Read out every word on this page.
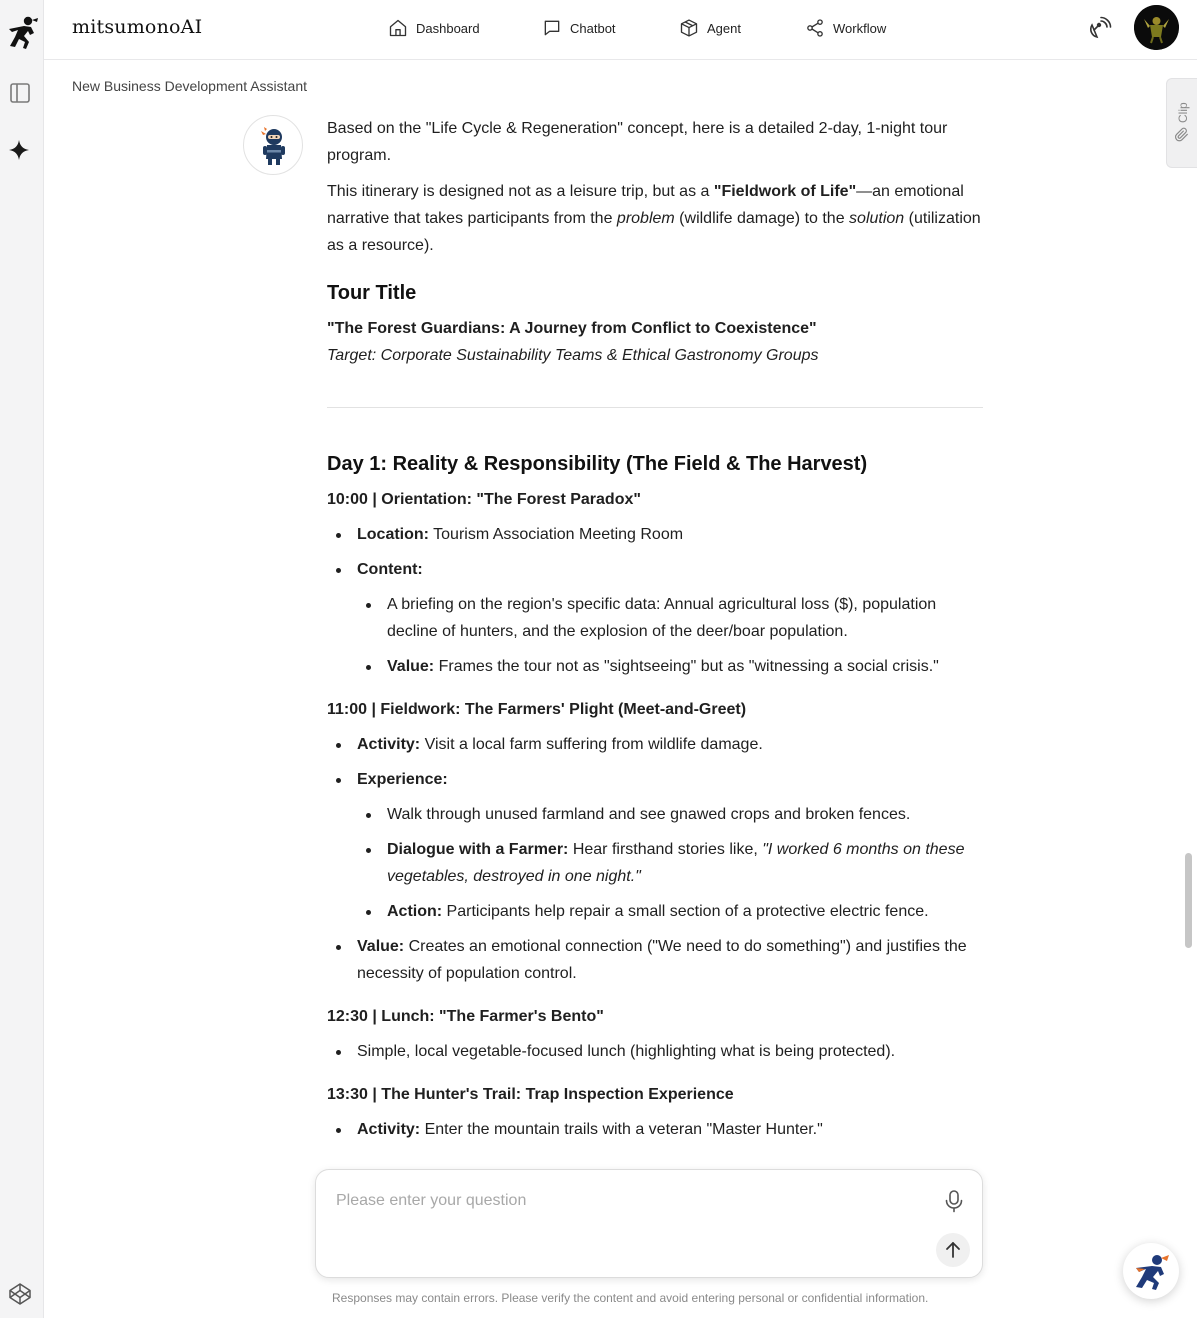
mitsumonoAI	Dashboard	Chatbot	Agent	Workflow
New Business Development Assistant
Clip

Based on the "Life Cycle & Regeneration" concept, here is a detailed 2-day, 1-night tour program.

This itinerary is designed not as a leisure trip, but as a "Fieldwork of Life"—an emotional narrative that takes participants from the problem (wildlife damage) to the solution (utilization as a resource).

Tour Title

"The Forest Guardians: A Journey from Conflict to Coexistence"
Target: Corporate Sustainability Teams & Ethical Gastronomy Groups

Day 1: Reality & Responsibility (The Field & The Harvest)
10:00 | Orientation: "The Forest Paradox"
Location: Tourism Association Meeting Room
Content:
A briefing on the region's specific data: Annual agricultural loss ($), population decline of hunters, and the explosion of the deer/boar population.
Value: Frames the tour not as "sightseeing" but as "witnessing a social crisis."
11:00 | Fieldwork: The Farmers' Plight (Meet-and-Greet)
Activity: Visit a local farm suffering from wildlife damage.
Experience:
Walk through unused farmland and see gnawed crops and broken fences.
Dialogue with a Farmer: Hear firsthand stories like, "I worked 6 months on these vegetables, destroyed in one night."
Action: Participants help repair a small section of a protective electric fence.
Value: Creates an emotional connection ("We need to do something") and justifies the necessity of population control.
12:30 | Lunch: "The Farmer's Bento"
Simple, local vegetable-focused lunch (highlighting what is being protected).
13:30 | The Hunter's Trail: Trap Inspection Experience
Activity: Enter the mountain trails with a veteran "Master Hunter."
Please enter your question
Responses may contain errors. Please verify the content and avoid entering personal or confidential information.
